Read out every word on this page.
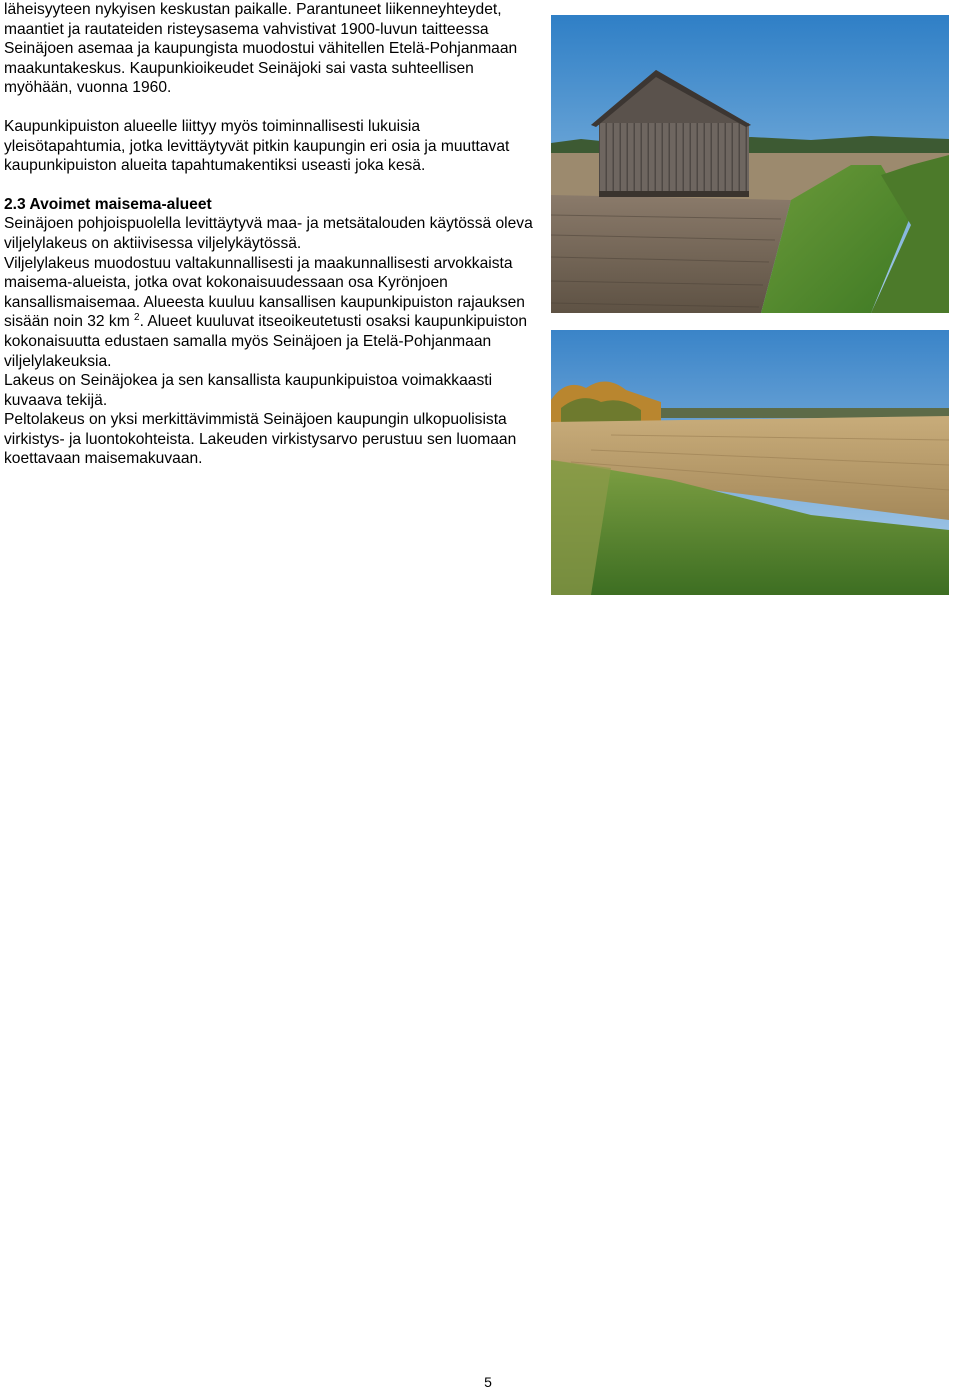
läheisyyteen nykyisen keskustan paikalle. Parantuneet liikenneyhteydet, maantiet ja rautateiden risteysasema vahvistivat 1900-luvun taitteessa Seinäjoen asemaa ja kaupungista muodostui vähitellen Etelä-Pohjanmaan maakuntakeskus. Kaupunkioikeudet Seinäjoki sai vasta suhteellisen myöhään, vuonna 1960.

Kaupunkipuiston alueelle liittyy myös toiminnallisesti lukuisia yleisötapahtumia, jotka levittäytyvät pitkin kaupungin eri osia ja muuttavat kaupunkipuiston alueita tapahtumakentiksi useasti joka kesä.

2.3 Avoimet maisema-alueet

Seinäjoen pohjoispuolella levittäytyvä maa- ja metsätalouden käytössä oleva viljelylakeus on aktiivisessa viljelykäytössä.

Viljelylakeus muodostuu valtakunnallisesti ja maakunnallisesti arvokkaista maisema-alueista, jotka ovat kokonaisuudessaan osa Kyrönjoen kansallismaisemaa. Alueesta kuuluu kansallisen kaupunkipuiston rajauksen sisään noin 32 km $^2$. Alueet kuuluvat itseoikeutetusti osaksi kaupunkipuiston kokonaisuutta edustaen samalla myös Seinäjoen ja Etelä-Pohjanmaan viljelylakeuksia.

Lakeus on Seinäjokea ja sen kansallista kaupunkipuistoa voimakkaasti kuvaava tekijä.

Peltolakeus on yksi merkittävimmistä Seinäjoen kaupungin ulkopuolisista virkistys- ja luontokohteista. Lakeuden virkistysarvo perustuu sen luomaan koettavaan maisemakuvaan.

5
